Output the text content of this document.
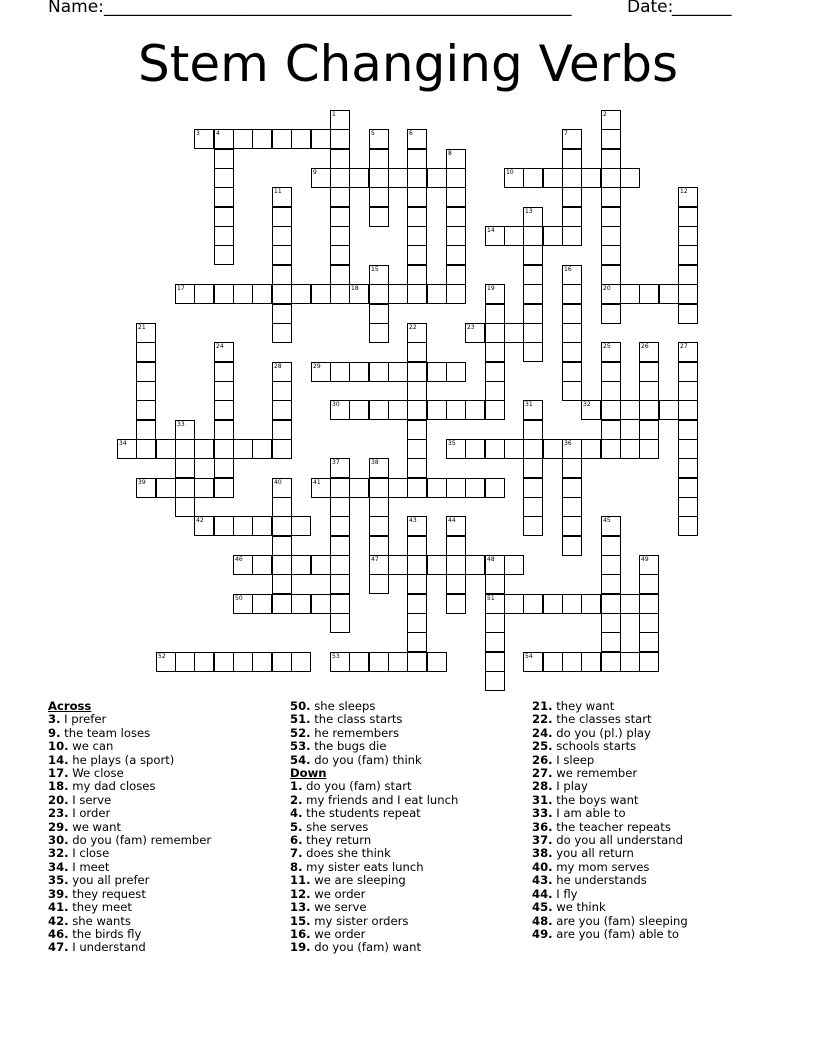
Name: _______________________________________________________	Date:
_______
Stem Changing Verbs
3	4
9	10
14
17	18	20
23
29
30	32
34	35	36
39	41
42
46	47	48
50	51
52	53	54
1	2
5	6	7
8
11	12
13
15	16
19
21	22
24	25	26	27
28
31
33
37	38
40
43	44	45
49
Across
3. I prefer
9. the team loses
10. we can
14. he plays (a sport)
17. We close
18. my dad closes
20. I serve
23. I order
29. we want
30. do you (fam) remember
32. I close
34. I meet
35. you all prefer
39. they request
41. they meet
42. she wants
46. the birds fly
47. I understand
50. she sleeps
51. the class starts
52. he remembers
53. the bugs die
54. do you (fam) think
Down
1. do you (fam) start
2. my friends and I eat lunch
4. the students repeat
5. she serves
6. they return
7. does she think
8. my sister eats lunch
11. we are sleeping
12. we order
13. we serve
15. my sister orders
16. we order
19. do you (fam) want
21. they want
22. the classes start
24. do you (pl.) play
25. schools starts
26. I sleep
27. we remember
28. I play
31. the boys want
33. I am able to
36. the teacher repeats
37. do you all understand
38. you all return
40. my mom serves
43. he understands
44. I fly
45. we think
48. are you (fam) sleeping
49. are you (fam) able to
